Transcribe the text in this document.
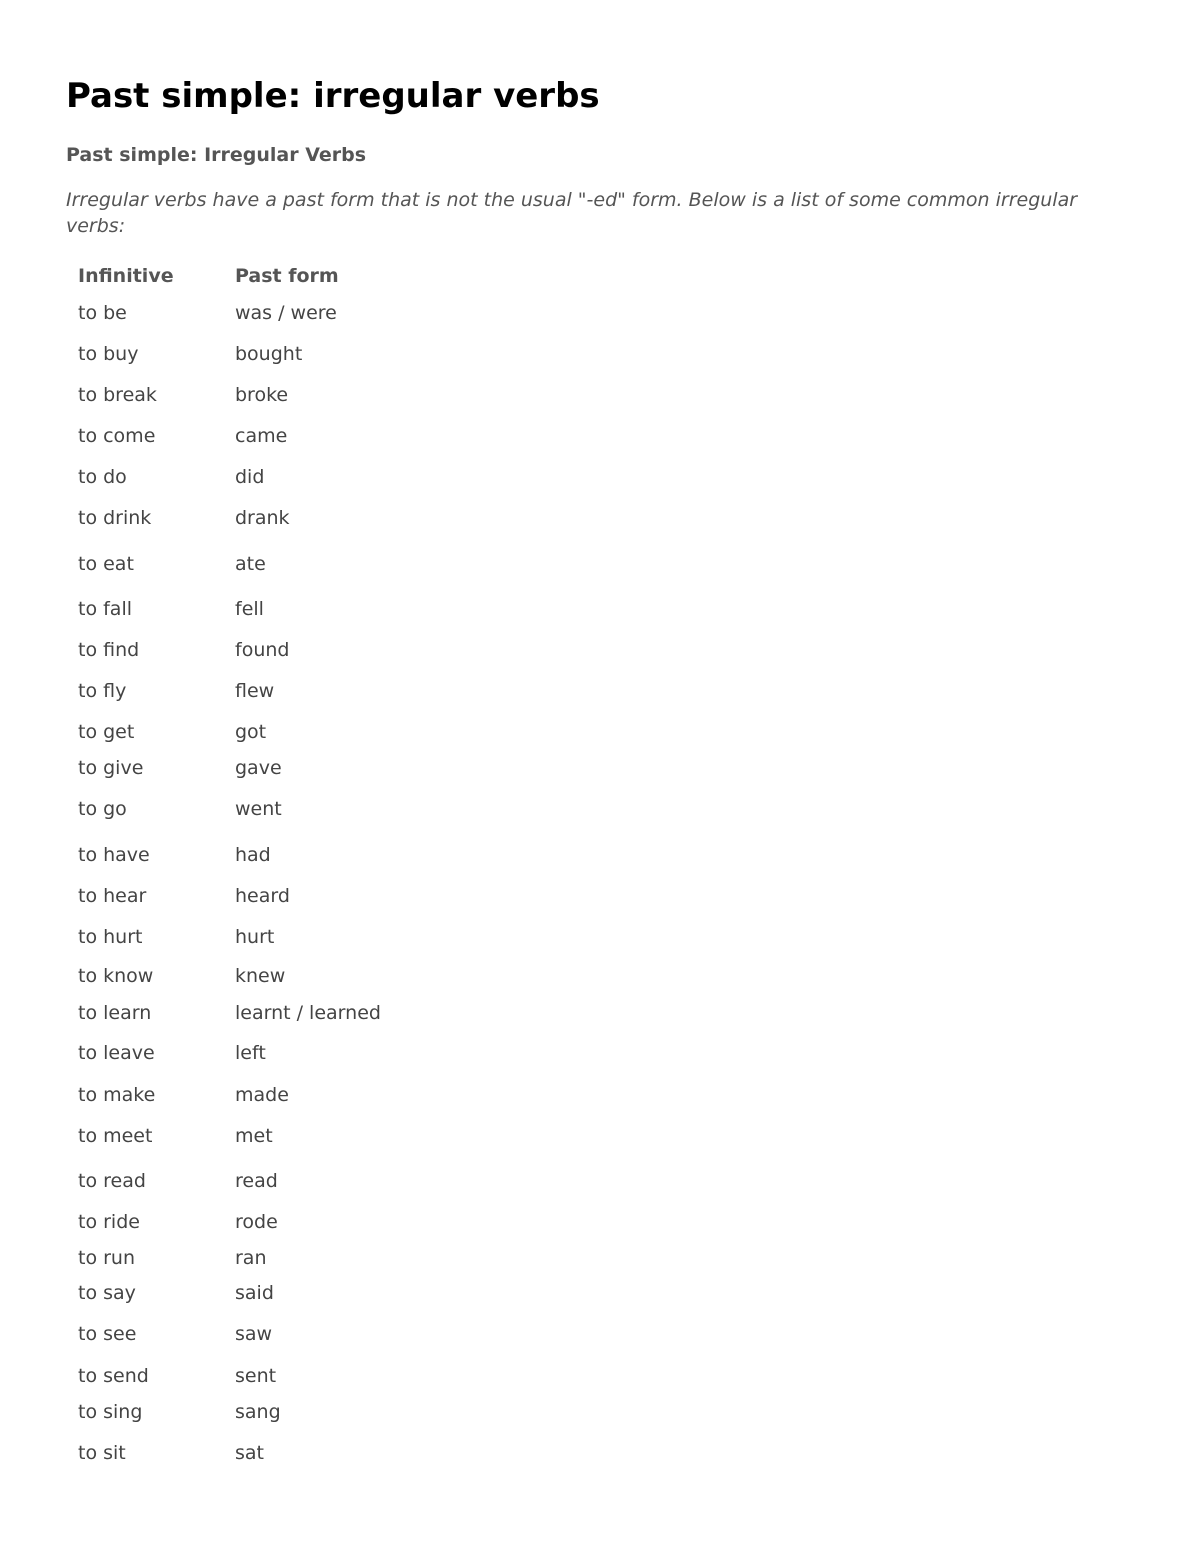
Past simple: irregular verbs
Past simple: Irregular Verbs

Irregular verbs have a past form that is not the usual "-ed" form. Below is a list of some common irregular verbs:

Infinitive	Past form
to be	was / were
to buy	bought
to break	broke
to come	came
to do	did
to drink	drank
to eat	ate
to fall	fell
to find	found
to fly	flew
to get	got
to give	gave
to go	went
to have	had
to hear	heard
to hurt	hurt
to know	knew
to learn	learnt / learned
to leave	left
to make	made
to meet	met
to read	read
to ride	rode
to run	ran
to say	said
to see	saw
to send	sent
to sing	sang
to sit	sat
